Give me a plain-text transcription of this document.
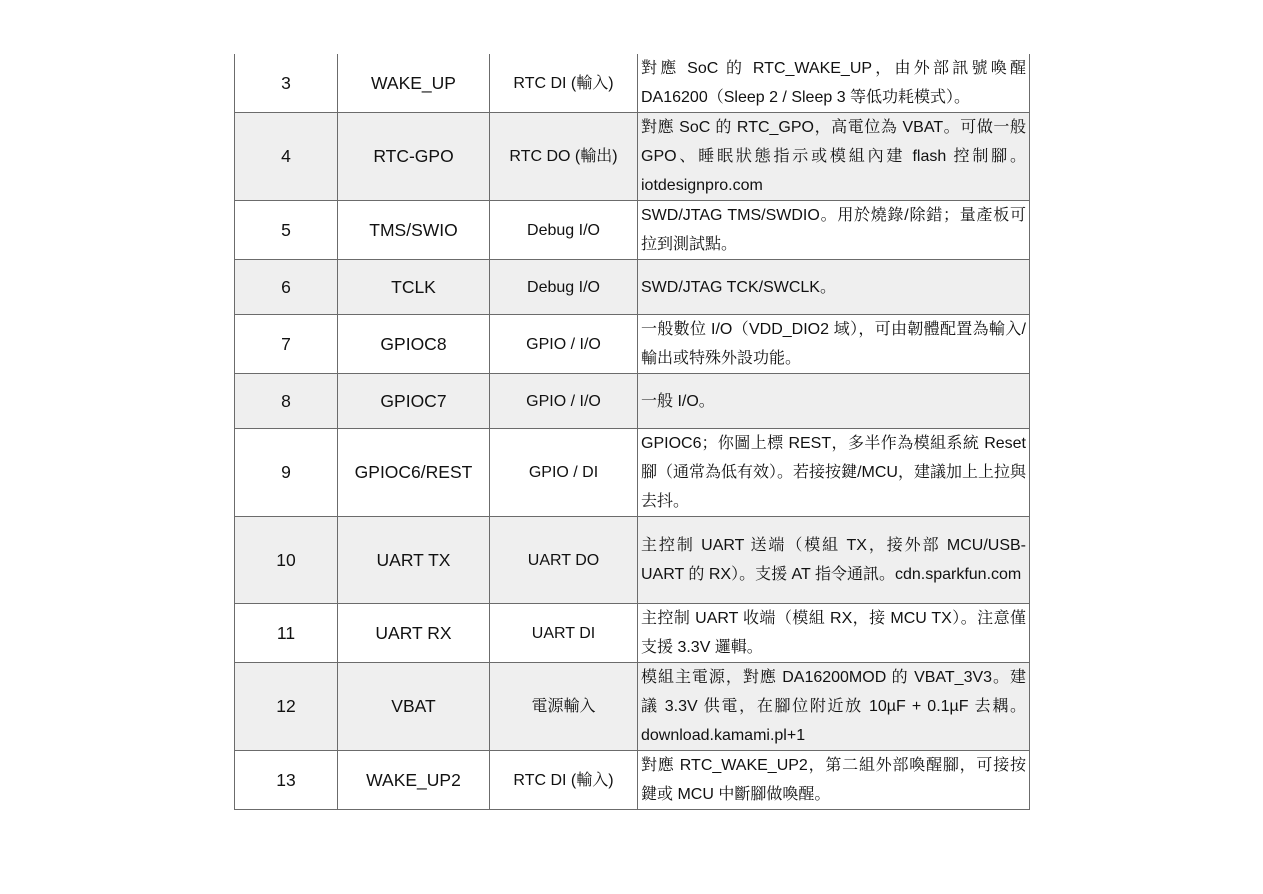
3	WAKE_UP	RTC DI (輸入)	對應 SoC 的 RTC_WAKE_UP，由外部訊號喚醒 DA16200（Sleep 2 / Sleep 3 等低功耗模式）。
4	RTC-GPO	RTC DO (輸出)	對應 SoC 的 RTC_GPO，高電位為 VBAT。可做一般 GPO、睡眠狀態指示或模組內建 flash 控制腳。iotdesignpro.com
5	TMS/SWIO	Debug I/O	SWD/JTAG TMS/SWDIO。用於燒錄/除錯；量產板可拉到測試點。
6	TCLK	Debug I/O	SWD/JTAG TCK/SWCLK。
7	GPIOC8	GPIO / I/O	一般數位 I/O（VDD_DIO2 域），可由韌體配置為輸入/輸出或特殊外設功能。
8	GPIOC7	GPIO / I/O	一般 I/O。
9	GPIOC6/REST	GPIO / DI	GPIOC6；你圖上標 REST，多半作為模組系統 Reset 腳（通常為低有效）。若接按鍵/MCU，建議加上上拉與去抖。
10	UART TX	UART DO	主控制 UART 送端（模組 TX，接外部 MCU/USB-UART 的 RX）。支援 AT 指令通訊。cdn.sparkfun.com
11	UART RX	UART DI	主控制 UART 收端（模組 RX，接 MCU TX）。注意僅支援 3.3V 邏輯。
12	VBAT	電源輸入	模組主電源，對應 DA16200MOD 的 VBAT_3V3。建議 3.3V 供電，在腳位附近放 10µF + 0.1µF 去耦。download.kamami.pl+1
13	WAKE_UP2	RTC DI (輸入)	對應 RTC_WAKE_UP2，第二組外部喚醒腳，可接按鍵或 MCU 中斷腳做喚醒。
